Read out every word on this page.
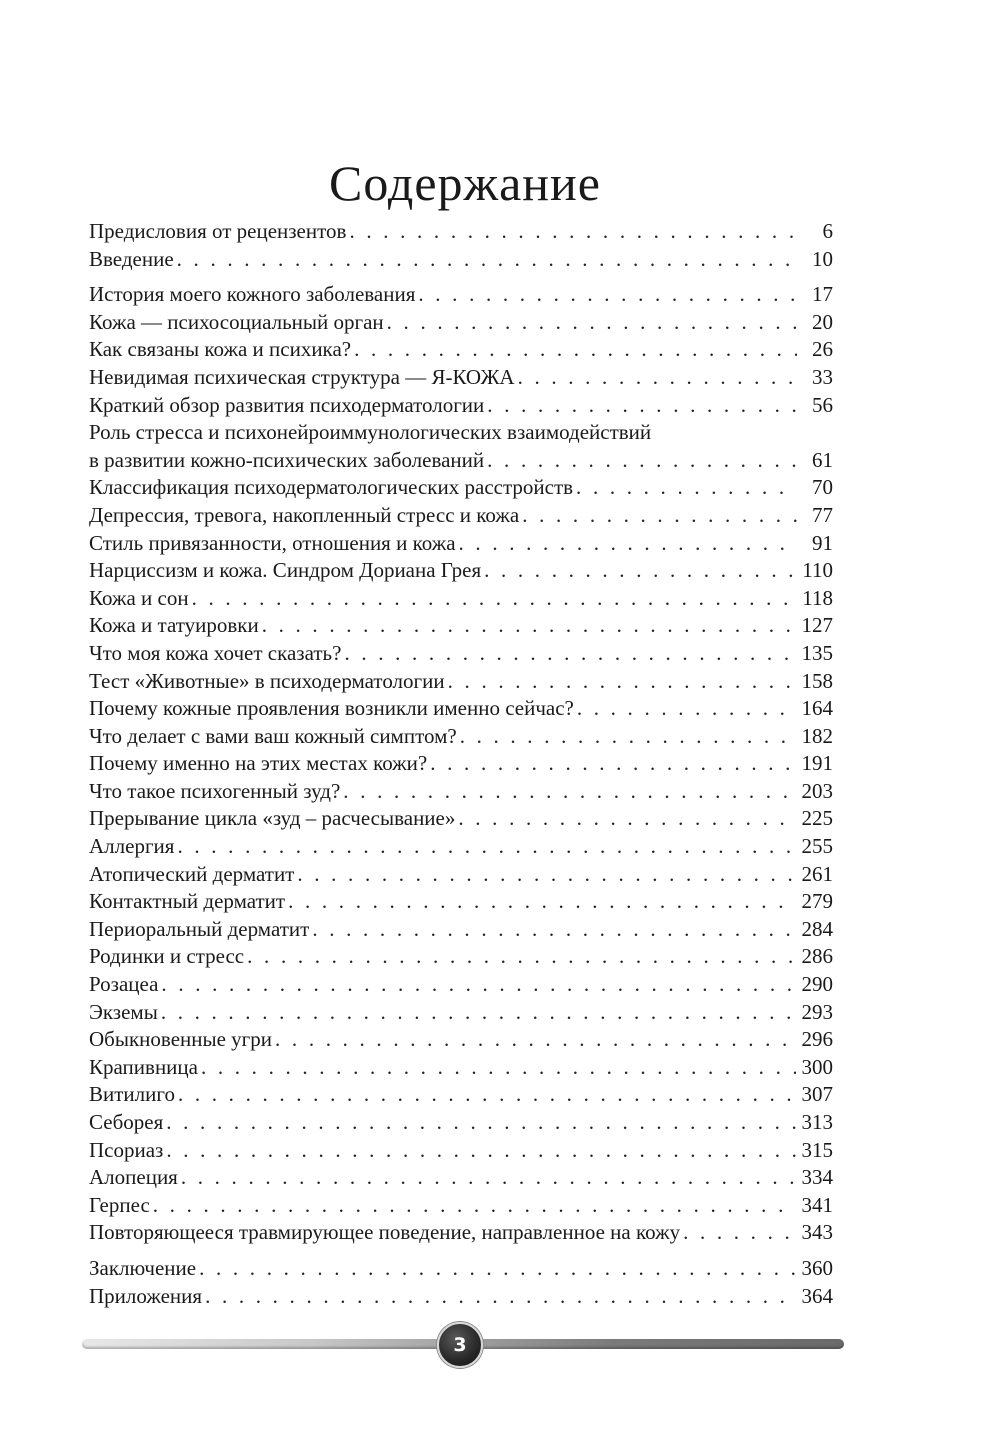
Содержание
Предисловия от рецензентов . . .	6
Введение . . .	10
История моего кожного заболевания . . .	17
Кожа — психосоциальный орган . . .	20
Как связаны кожа и психика? . . .	26
Невидимая психическая структура — Я-КОЖА . . .	33
Краткий обзор развития психодерматологии . . .	56
Роль стресса и психонейроиммунологических взаимодействий
в развитии кожно-психических заболеваний . . .	61
Классификация психодерматологических расстройств . . .	70
Депрессия, тревога, накопленный стресс и кожа . . .	77
Стиль привязанности, отношения и кожа . . .	91
Нарциссизм и кожа. Синдром Дориана Грея . . .	110
Кожа и сон . . .	118
Кожа и татуировки . . .	127
Что моя кожа хочет сказать? . . .	135
Тест «Животные» в психодерматологии . . .	158
Почему кожные проявления возникли именно сейчас? . . .	164
Что делает с вами ваш кожный симптом? . . .	182
Почему именно на этих местах кожи? . . .	191
Что такое психогенный зуд? . . .	203
Прерывание цикла «зуд – расчесывание» . . .	225
Аллергия . . .	255
Атопический дерматит . . .	261
Контактный дерматит . . .	279
Периоральный дерматит . . .	284
Родинки и стресс . . .	286
Розацеа . . .	290
Экземы . . .	293
Обыкновенные угри . . .	296
Крапивница . . .	300
Витилиго . . .	307
Себорея . . .	313
Псориаз . . .	315
Алопеция . . .	334
Герпес . . .	341
Повторяющееся травмирующее поведение, направленное на кожу . . .	343
Заключение . . .	360
Приложения . . .	364
3
